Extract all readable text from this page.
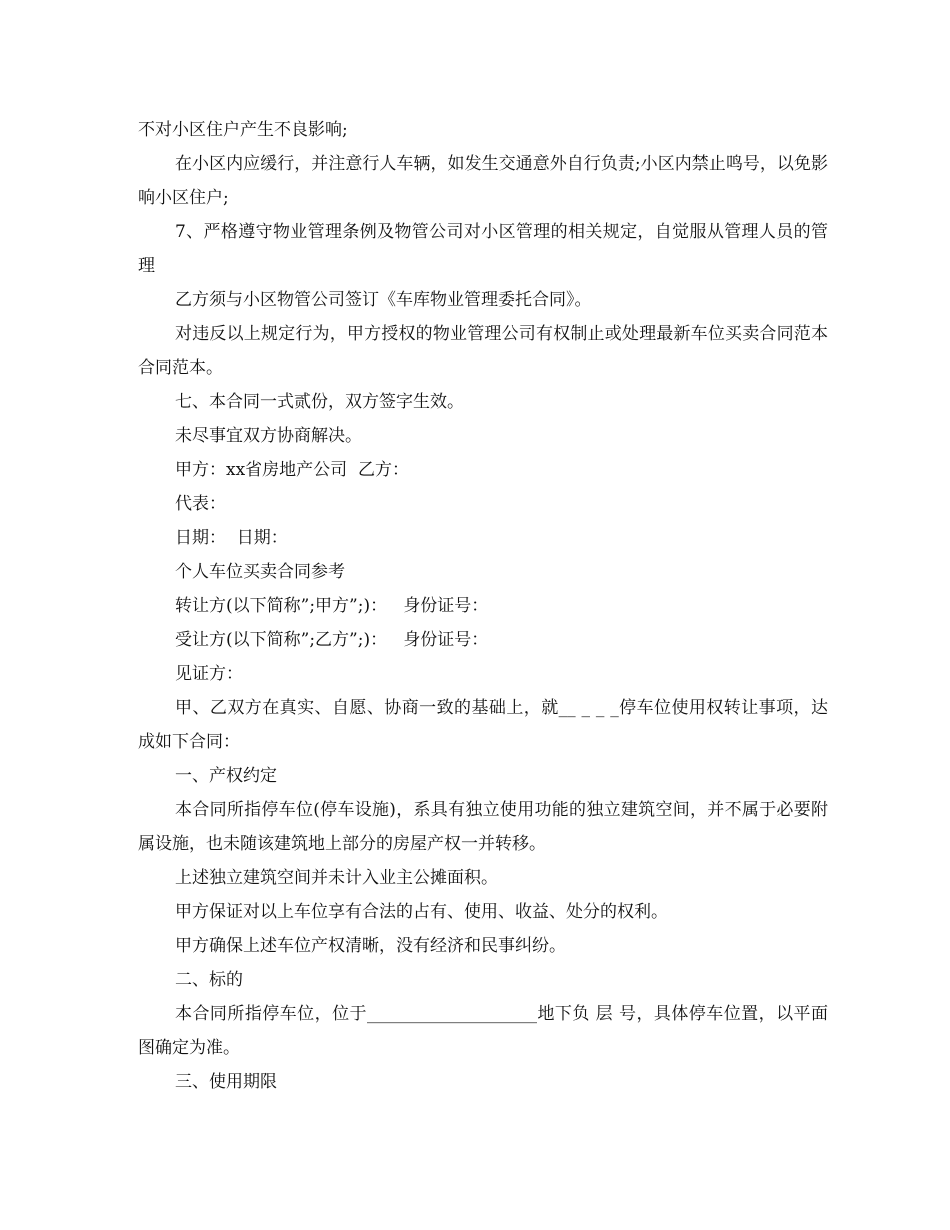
不对小区住户产生不良影响;

在小区内应缓行，并注意行人车辆，如发生交通意外自行负责;小区内禁止鸣号，以免影响小区住户;

7、严格遵守物业管理条例及物管公司对小区管理的相关规定，自觉服从管理人员的管理

乙方须与小区物管公司签订《车库物业管理委托合同》。

对违反以上规定行为，甲方授权的物业管理公司有权制止或处理最新车位买卖合同范本合同范本。

七、本合同一式贰份，双方签字生效。

未尽事宜双方协商解决。

甲方：xx省房地产公司  乙方：

代表：

日期：  日期：

个人车位买卖合同参考

转让方(以下简称”;甲方”;)：   身份证号：

受让方(以下简称”;乙方”;)：   身份证号：

见证方：

甲、乙双方在真实、自愿、协商一致的基础上，就__ _ _ _停车位使用权转让事项，达成如下合同：

一、产权约定

本合同所指停车位(停车设施)，系具有独立使用功能的独立建筑空间，并不属于必要附属设施，也未随该建筑地上部分的房屋产权一并转移。

上述独立建筑空间并未计入业主公摊面积。

甲方保证对以上车位享有合法的占有、使用、收益、处分的权利。

甲方确保上述车位产权清晰，没有经济和民事纠纷。

二、标的

本合同所指停车位，位于____________________地下负 层 号，具体停车位置，以平面图确定为准。

三、使用期限
